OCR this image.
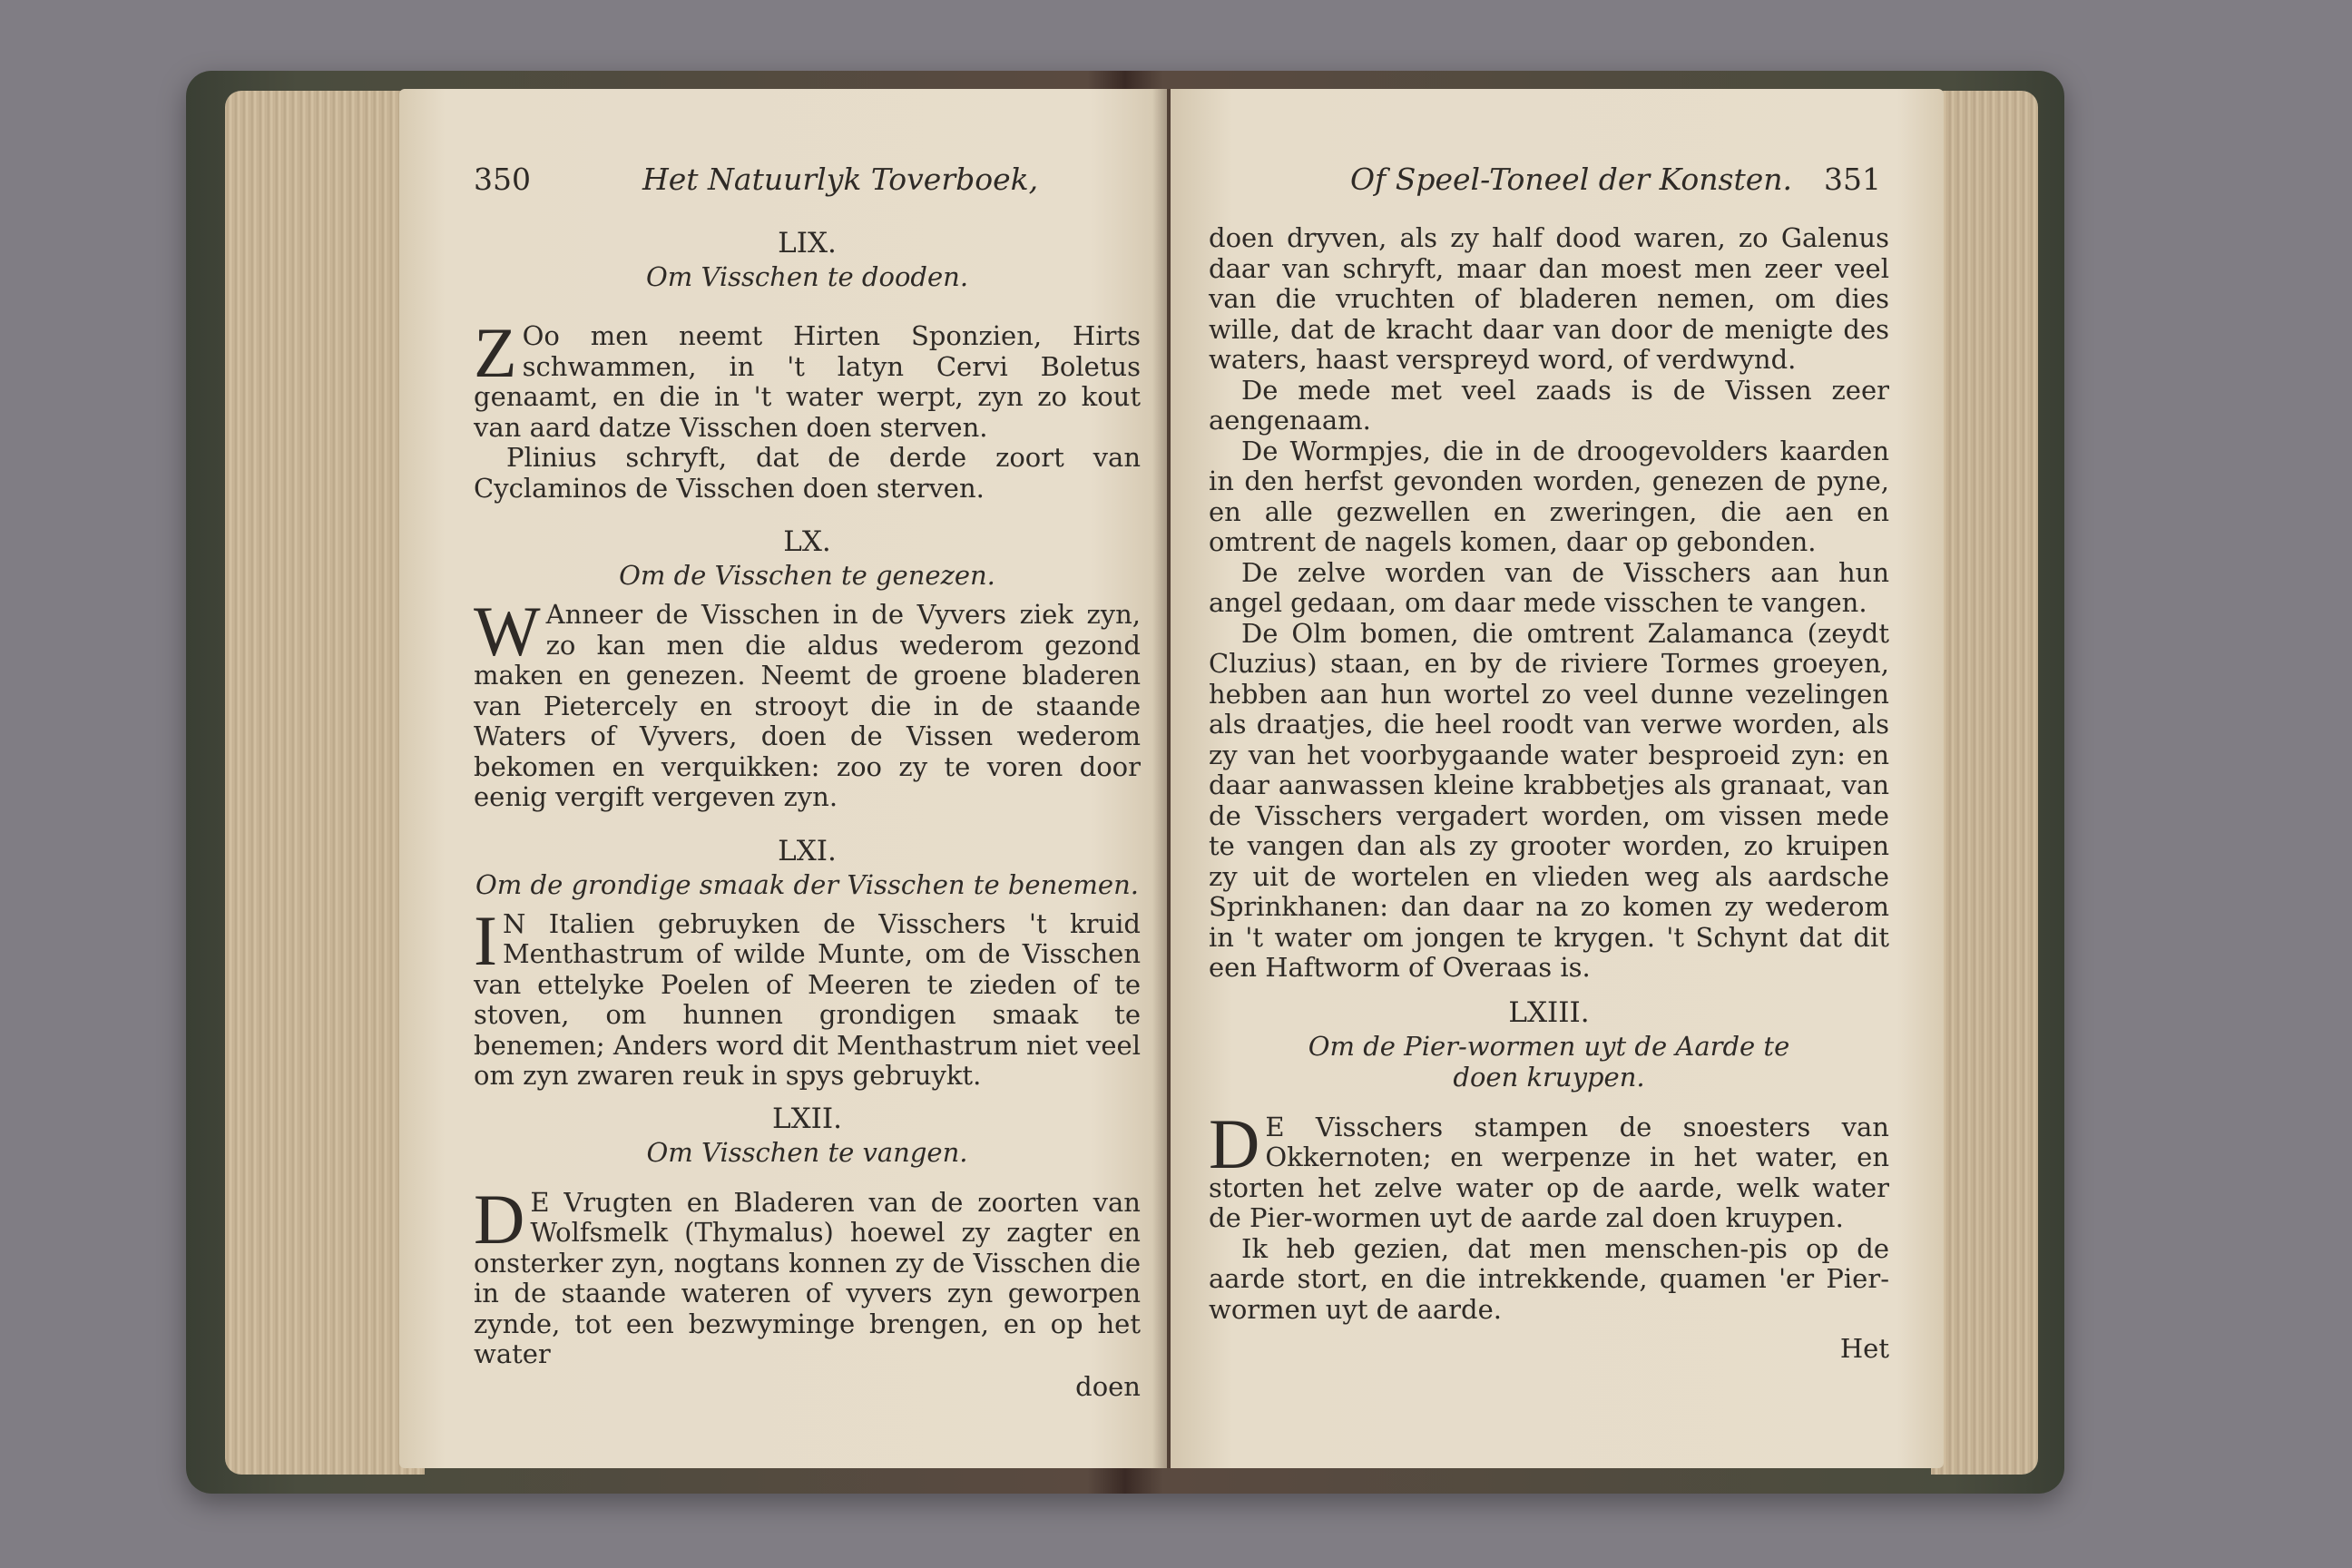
350	Het Natuurlyk Toverboek,

LIX.

Om Visschen te dooden.

Z Oo men neemt Hirten Sponzien, Hirts schwammen, in 't latyn Cervi Boletus genaamt, en die in 't water werpt, zyn zo kout van aard datze Visschen doen sterven.

Plinius schryft, dat de derde zoort van Cyclaminos de Visschen doen sterven.

LX.

Om de Visschen te genezen.

W Anneer de Visschen in de Vyvers ziek zyn, zo kan men die aldus wederom gezond maken en genezen. Neemt de groene bladeren van Pietercely en strooyt die in de staande Waters of Vyvers, doen de Vissen wederom bekomen en verquikken: zoo zy te voren door eenig vergift vergeven zyn.

LXI.

Om de grondige smaak der Visschen te benemen.

I N Italien gebruyken de Visschers 't kruid Menthastrum of wilde Munte, om de Visschen van ettelyke Poelen of Meeren te zieden of te stoven, om hunnen grondigen smaak te benemen; Anders word dit Menthastrum niet veel om zyn zwaren reuk in spys gebruykt.

LXII.

Om Visschen te vangen.

D E Vrugten en Bladeren van de zoorten van Wolfsmelk (Thymalus) hoewel zy zagter en onsterker zyn, nogtans konnen zy de Visschen die in de staande wateren of vyvers zyn geworpen zynde, tot een bezwyminge brengen, en op het water

doen

Of Speel-Toneel der Konsten. 351

doen dryven, als zy half dood waren, zo Galenus daar van schryft, maar dan moest men zeer veel van die vruchten of bladeren nemen, om dies wille, dat de kracht daar van door de menigte des waters, haast verspreyd word, of verdwynd.

De mede met veel zaads is de Vissen zeer aengenaam.

De Wormpjes, die in de droogevolders kaarden in den herfst gevonden worden, genezen de pyne, en alle gezwellen en zweringen, die aen en omtrent de nagels komen, daar op gebonden.

De zelve worden van de Visschers aan hun angel gedaan, om daar mede visschen te vangen.

De Olm bomen, die omtrent Zalamanca (zeydt Cluzius) staan, en by de riviere Tormes groeyen, hebben aan hun wortel zo veel dunne vezelingen als draatjes, die heel roodt van verwe worden, als zy van het voorbygaande water besproeid zyn: en daar aanwassen kleine krabbetjes als granaat, van de Visschers vergadert worden, om vissen mede te vangen dan als zy grooter worden, zo kruipen zy uit de wortelen en vlieden weg als aardsche Sprinkhanen: dan daar na zo komen zy wederom in 't water om jongen te krygen. 't Schynt dat dit een Haftworm of Overaas is.

LXIII.

Om de Pier-wormen uyt de Aarde te

doen kruypen.

D E Visschers stampen de snoesters van Okkernoten; en werpenze in het water, en storten het zelve water op de aarde, welk water de Pier-wormen uyt de aarde zal doen kruypen.

Ik heb gezien, dat men menschen-pis op de aarde stort, en die intrekkende, quamen 'er Pier-wormen uyt de aarde.

Het
